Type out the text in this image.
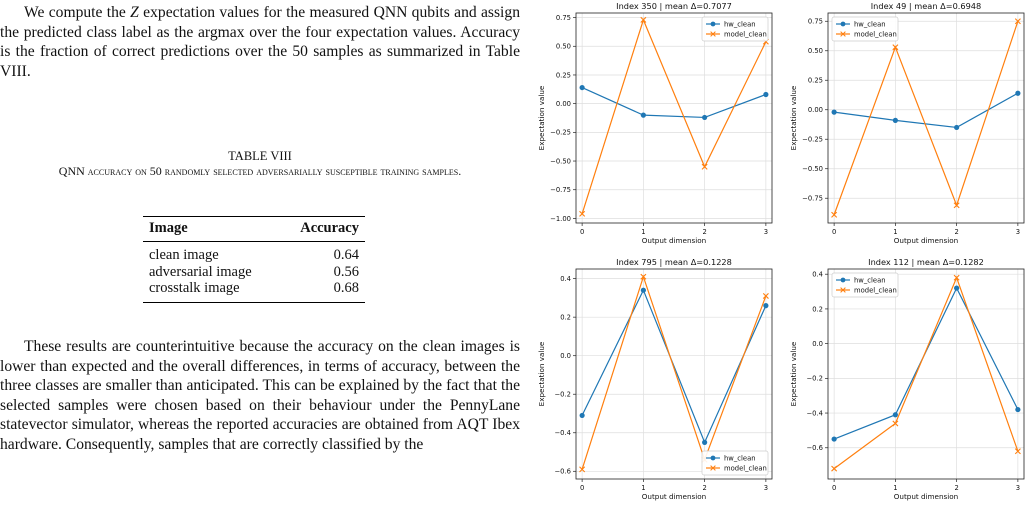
We compute the Z expectation values for the measured QNN qubits and assign the predicted class label as the argmax over the four expectation values. Accuracy is the fraction of correct predictions over the 50 samples as summarized in Table VIII.

TABLE VIII
QNN accuracy on 50 randomly selected adversarially susceptible training samples.
Image	Accuracy
clean image	0.64
adversarial image	0.56
crosstalk image	0.68

These results are counterintuitive because the accuracy on the clean images is lower than expected and the overall differences, in terms of accuracy, between the three classes are smaller than anticipated. This can be explained by the fact that the selected samples were chosen based on their behaviour under the PennyLane statevector simulator, whereas the reported accuracies are obtained from AQT Ibex hardware. Consequently, samples that are correctly classified by the

Index 350 | mean Δ=0.7077
0	1	2	3
0.75
0.50
0.25
0.00
−0.25
−0.50
−0.75
−1.00
Output dimension
Expectation value
hw_clean
model_clean
Index 49 | mean Δ=0.6948
0	1	2	3
0.75
0.50
0.25
0.00
−0.25
−0.50
−0.75
Output dimension
Expectation value
hw_clean
model_clean
Index 795 | mean Δ=0.1228
0	1	2	3
0.4
0.2
0.0
−0.2
−0.4
−0.6
Output dimension
Expectation value
hw_clean
model_clean
Index 112 | mean Δ=0.1282
0	1	2	3
0.4
0.2
0.0
−0.2
−0.4
−0.6
Output dimension
Expectation value
hw_clean
model_clean
